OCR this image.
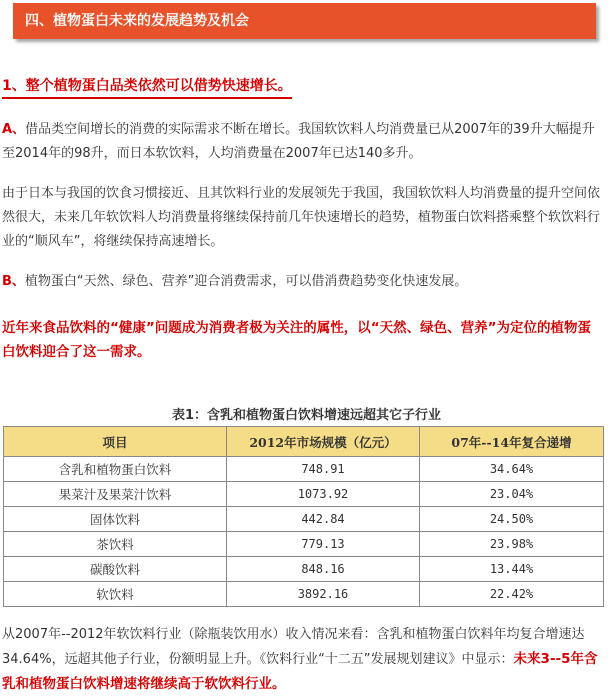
四、植物蛋白未来的发展趋势及机会
1、整个植物蛋白品类依然可以借势快速增长。

A、借品类空间增长的消费的实际需求不断在增长。我国软饮料人均消费量已从2007年的39升大幅提升至2014年的98升，而日本软饮料，人均消费量在2007年已达140多升。

由于日本与我国的饮食习惯接近、且其饮料行业的发展领先于我国，我国软饮料人均消费量的提升空间依然很大，未来几年软饮料人均消费量将继续保持前几年快速增长的趋势，植物蛋白饮料搭乘整个软饮料行业的“顺风车”，将继续保持高速增长。

B、植物蛋白“天然、绿色、营养”迎合消费需求，可以借消费趋势变化快速发展。

近年来食品饮料的“健康”问题成为消费者极为关注的属性，以“天然、绿色、营养”为定位的植物蛋白饮料迎合了这一需求。

表1：含乳和植物蛋白饮料增速远超其它子行业
项目	2012年市场规模（亿元）	07年--14年复合递增
含乳和植物蛋白饮料	748.91	34.64%
果菜汁及果菜汁饮料	1073.92	23.04%
固体饮料	442.84	24.50%
茶饮料	779.13	23.98%
碳酸饮料	848.16	13.44%
软饮料	3892.16	22.42%

从2007年--2012年软饮料行业（除瓶装饮用水）收入情况来看：含乳和植物蛋白饮料年均复合增速达34.64%，远超其他子行业，份额明显上升。《饮料行业“十二五”发展规划建议》中显示：未来3--5年含乳和植物蛋白饮料增速将继续高于软饮料行业。
